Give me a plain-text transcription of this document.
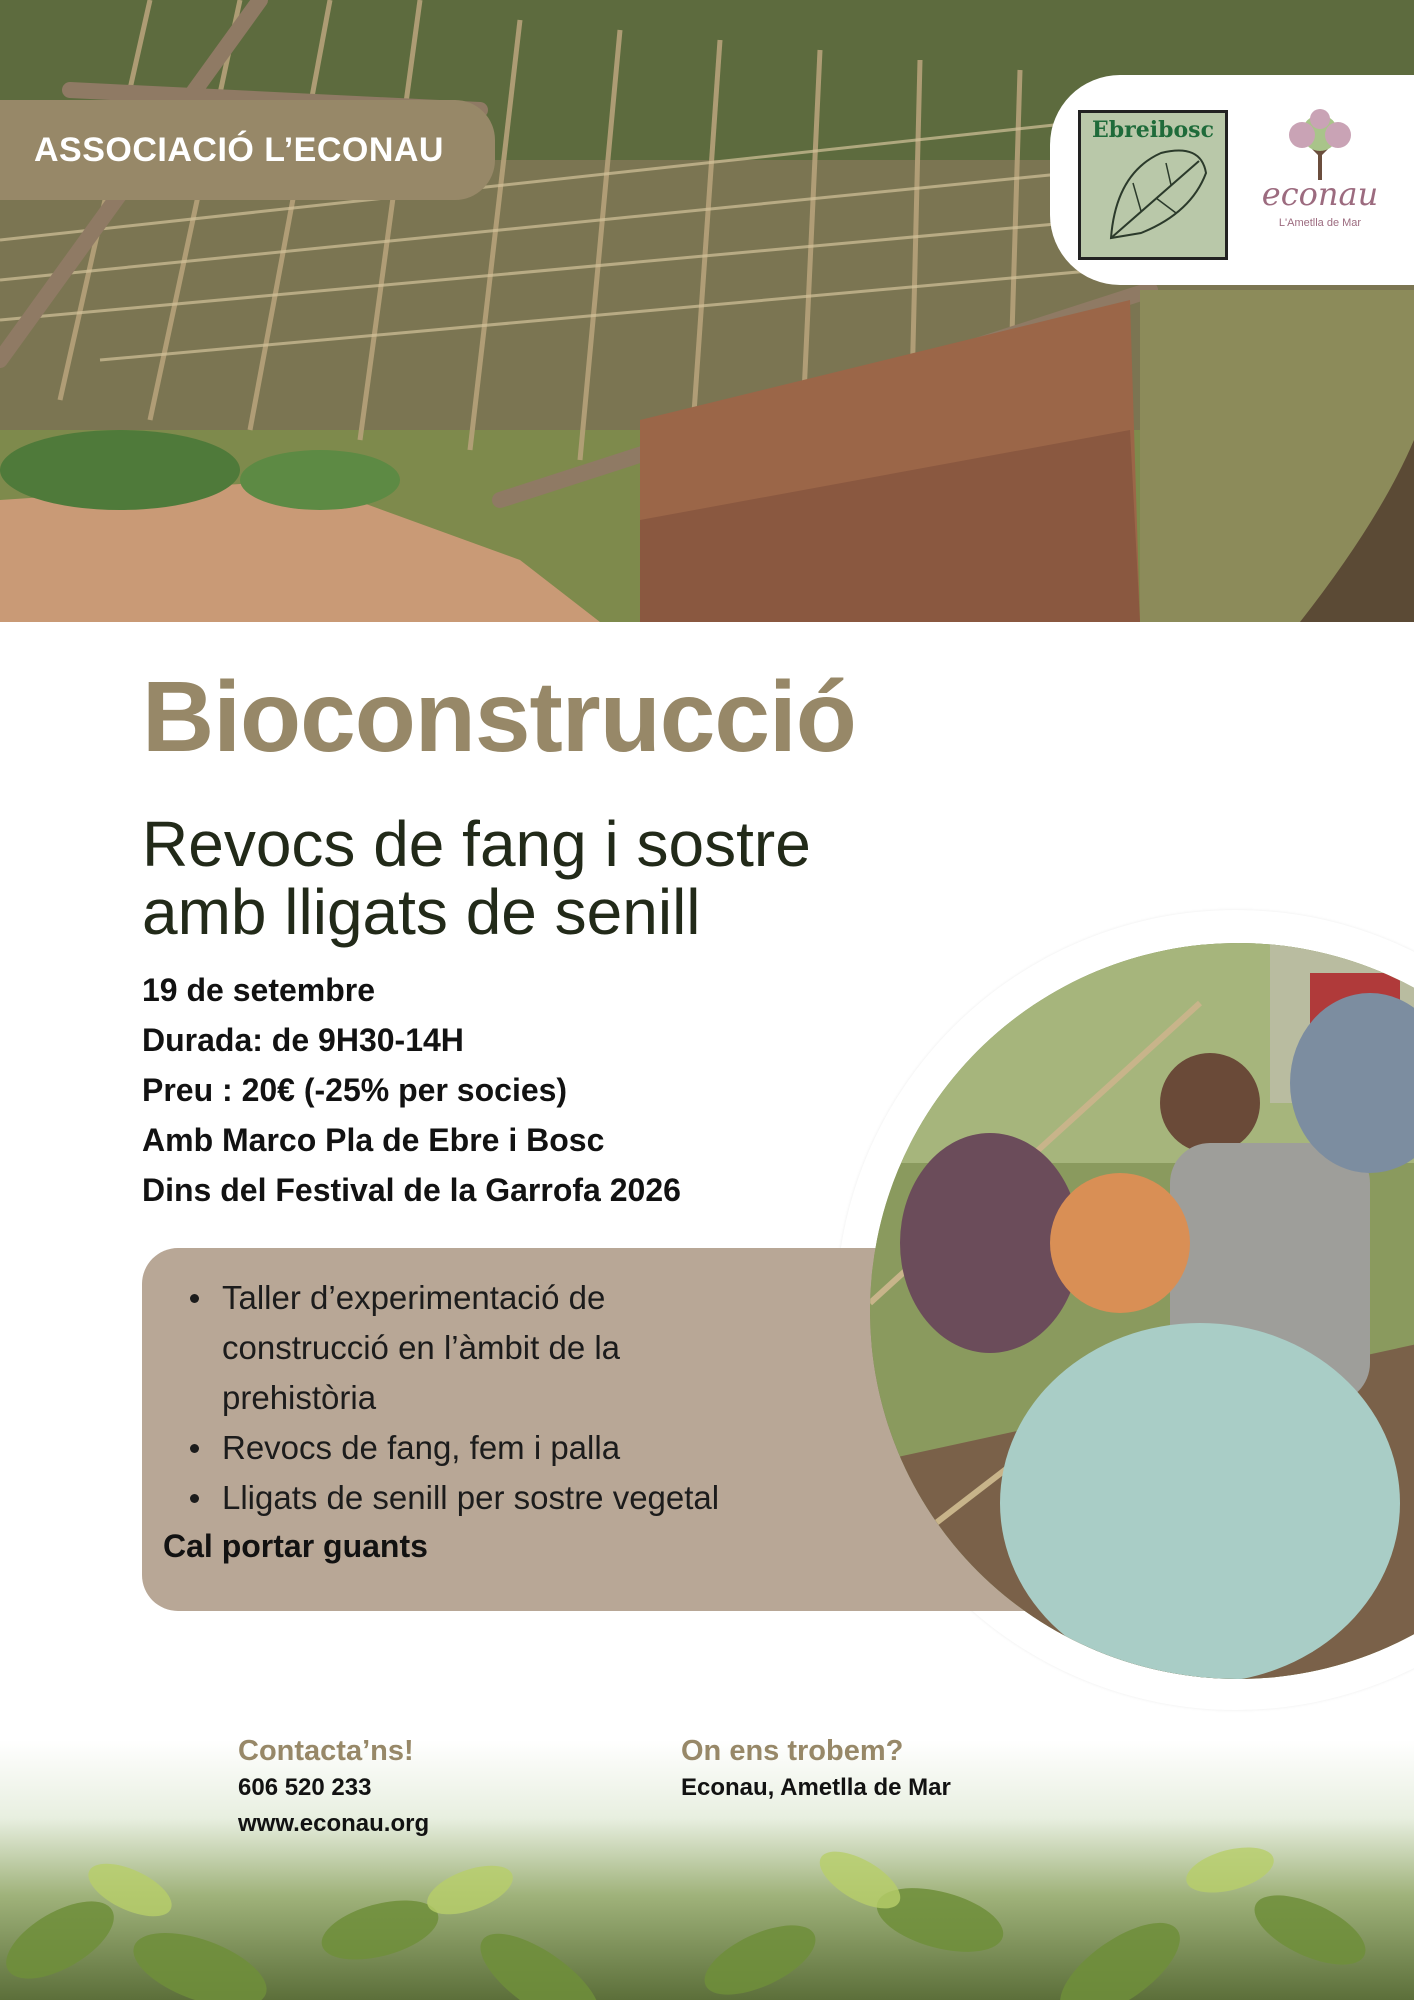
ASSOCIACIÓ L’ECONAU
Ebreibosc
econau
L'Ametlla de Mar
Bioconstrucció
Revocs de fang i sostre
amb lligats de senill
19 de setembre
Durada: de 9H30-14H
Preu : 20€ (-25% per socies)
Amb Marco Pla de Ebre i Bosc
Dins del Festival de la Garrofa 2026
Taller d’experimentació de construcció en l’àmbit de la prehistòria
Revocs de fang, fem i palla
Lligats de senill per sostre vegetal
Cal portar guants
Contacta’ns!
606 520 233
www.econau.org
On ens trobem?
Econau, Ametlla de Mar
